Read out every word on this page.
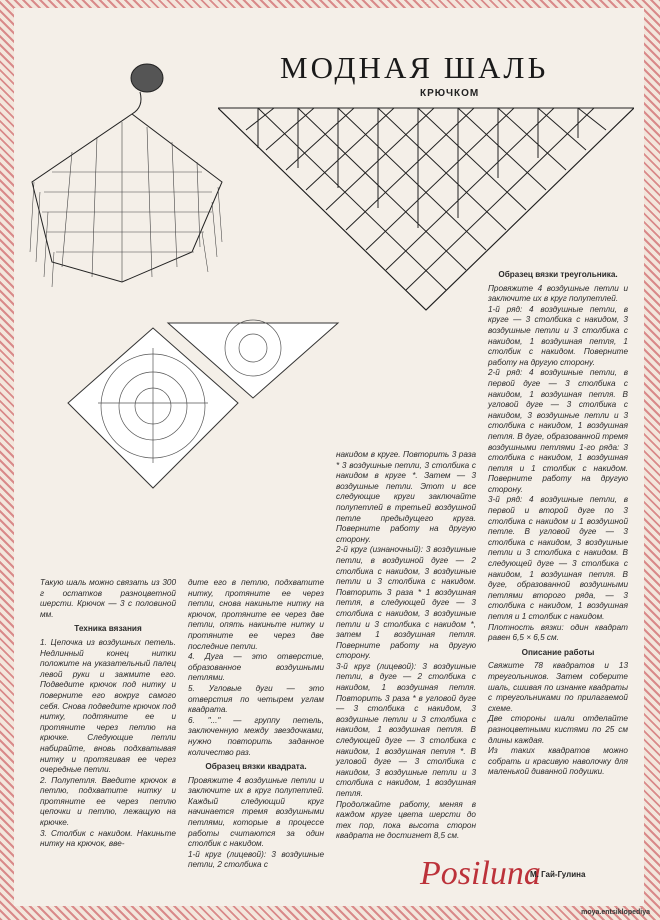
МОДНАЯ ШАЛЬ
КРЮЧКОМ

Такую шаль можно связать из 300 г остатков разноцветной шерсти. Крючок — 3 с половиной мм.

Техника вязания

1. Цепочка из воздушных петель. Недлинный конец нитки положите на указательный палец левой руки и зажмите его. Подведите крючок под нитку и поверните его вокруг самого себя. Снова подведите крючок под нитку, подтяните ее и протяните через петлю на крючке. Следующие петли набирайте, вновь подхватывая нитку и протягивая ее через очередные петли.

2. Полупетля. Введите крючок в петлю, подхватите нитку и протяните ее через петлю цепочки и петлю, лежащую на крючке.

3. Столбик с накидом. Накиньте нитку на крючок, вве-

дите его в петлю, подхватите нитку, протяните ее через петли, снова накиньте нитку на крючок, протяните ее через две петли, опять накиньте нитку и протяните ее через две последние петли.

4. Дуга — это отверстие, образованное воздушными петлями.

5. Угловые дуги — это отверстия по четырем углам квадрата.

6. "..." — группу петель, заключенную между звездочками, нужно повторить заданное количество раз.

Образец вязки квадрата.

Провяжите 4 воздушные петли и заключите их в круг полупетлей. Каждый следующий круг начинается тремя воздушными петлями, которые в процессе работы считаются за один столбик с накидом.

1-й круг (лицевой): 3 воздушные петли, 2 столбика с

накидом в круге. Повторить 3 раза * 3 воздушные петли, 3 столбика с накидом в круге *. Затем — 3 воздушные петли. Этот и все следующие круги заключайте полупетлей в третьей воздушной петле предыдущего круга. Поверните работу на другую сторону.

2-й круг (изнаночный): 3 воздушные петли, в воздушной дуге — 2 столбика с накидом, 3 воздушные петли и 3 столбика с накидом. Повторить 3 раза * 1 воздушная петля, в следующей дуге — 3 столбика с накидом, 3 воздушные петли и 3 столбика с накидом *, затем 1 воздушная петля. Поверните работу на другую сторону.

3-й круг (лицевой): 3 воздушные петли, в дуге — 2 столбика с накидом, 1 воздушная петля. Повторить 3 раза * в угловой дуге — 3 столбика с накидом, 3 воздушные петли и 3 столбика с накидом, 1 воздушная петля. В следующей дуге — 3 столбика с накидом, 1 воздушная петля *. В угловой дуге — 3 столбика с накидом, 3 воздушные петли и 3 столбика с накидом, 1 воздушная петля.

Продолжайте работу, меняя в каждом круге цвета шерсти до тех пор, пока высота сторон квадрата не достигнет 8,5 см.

Образец вязки треугольника.

Провяжите 4 воздушные петли и заключите их в круг полупетлей.

1-й ряд: 4 воздушные петли, в круге — 3 столбика с накидом, 3 воздушные петли и 3 столбика с накидом, 1 воздушная петля, 1 столбик с накидом. Поверните работу на другую сторону.

2-й ряд: 4 воздушные петли, в первой дуге — 3 столбика с накидом, 1 воздушная петля. В угловой дуге — 3 столбика с накидом, 3 воздушные петли и 3 столбика с накидом, 1 воздушная петля. В дуге, образованной тремя воздушными петлями 1-го ряда: 3 столбика с накидом, 1 воздушная петля и 1 столбик с накидом. Поверните работу на другую сторону.

3-й ряд: 4 воздушные петли, в первой и второй дуге по 3 столбика с накидом и 1 воздушной петле. В угловой дуге — 3 столбика с накидом, 3 воздушные петли и 3 столбика с накидом. В следующей дуге — 3 столбика с накидом, 1 воздушная петля. В дуге, образованной воздушными петлями второго ряда, — 3 столбика с накидом, 1 воздушная петля и 1 столбик с накидом.

Плотность вязки: один квадрат равен 6,5 × 6,5 см.

Описание работы

Свяжите 78 квадратов и 13 треугольников. Затем соберите шаль, сшивая по изнанке квадраты с треугольниками по прилагаемой схеме.

Две стороны шали отделайте разноцветными кистями по 25 см длины каждая.

Из таких квадратов можно собрать и красивую наволочку для маленькой диванной подушки.

Posiluna
М. Гай-Гулина
moya.entsiklopediya
